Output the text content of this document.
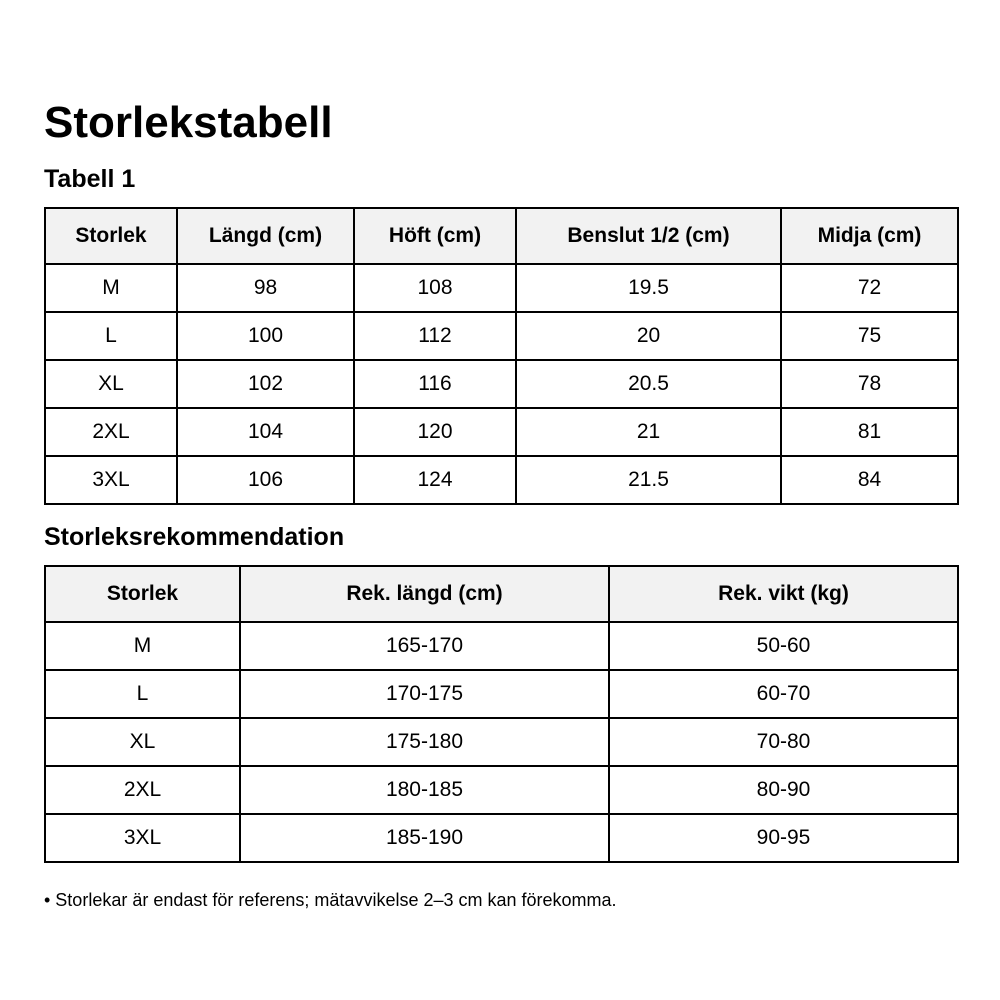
Storlekstabell
Tabell 1
Storlek	Längd (cm)	Höft (cm)	Benslut 1/2 (cm)	Midja (cm)
M	98	108	19.5	72
L	100	112	20	75
XL	102	116	20.5	78
2XL	104	120	21	81
3XL	106	124	21.5	84
Storleksrekommendation
Storlek	Rek. längd (cm)	Rek. vikt (kg)
M	165-170	50-60
L	170-175	60-70
XL	175-180	70-80
2XL	180-185	80-90
3XL	185-190	90-95

• Storlekar är endast för referens; mätavvikelse 2–3 cm kan förekomma.
